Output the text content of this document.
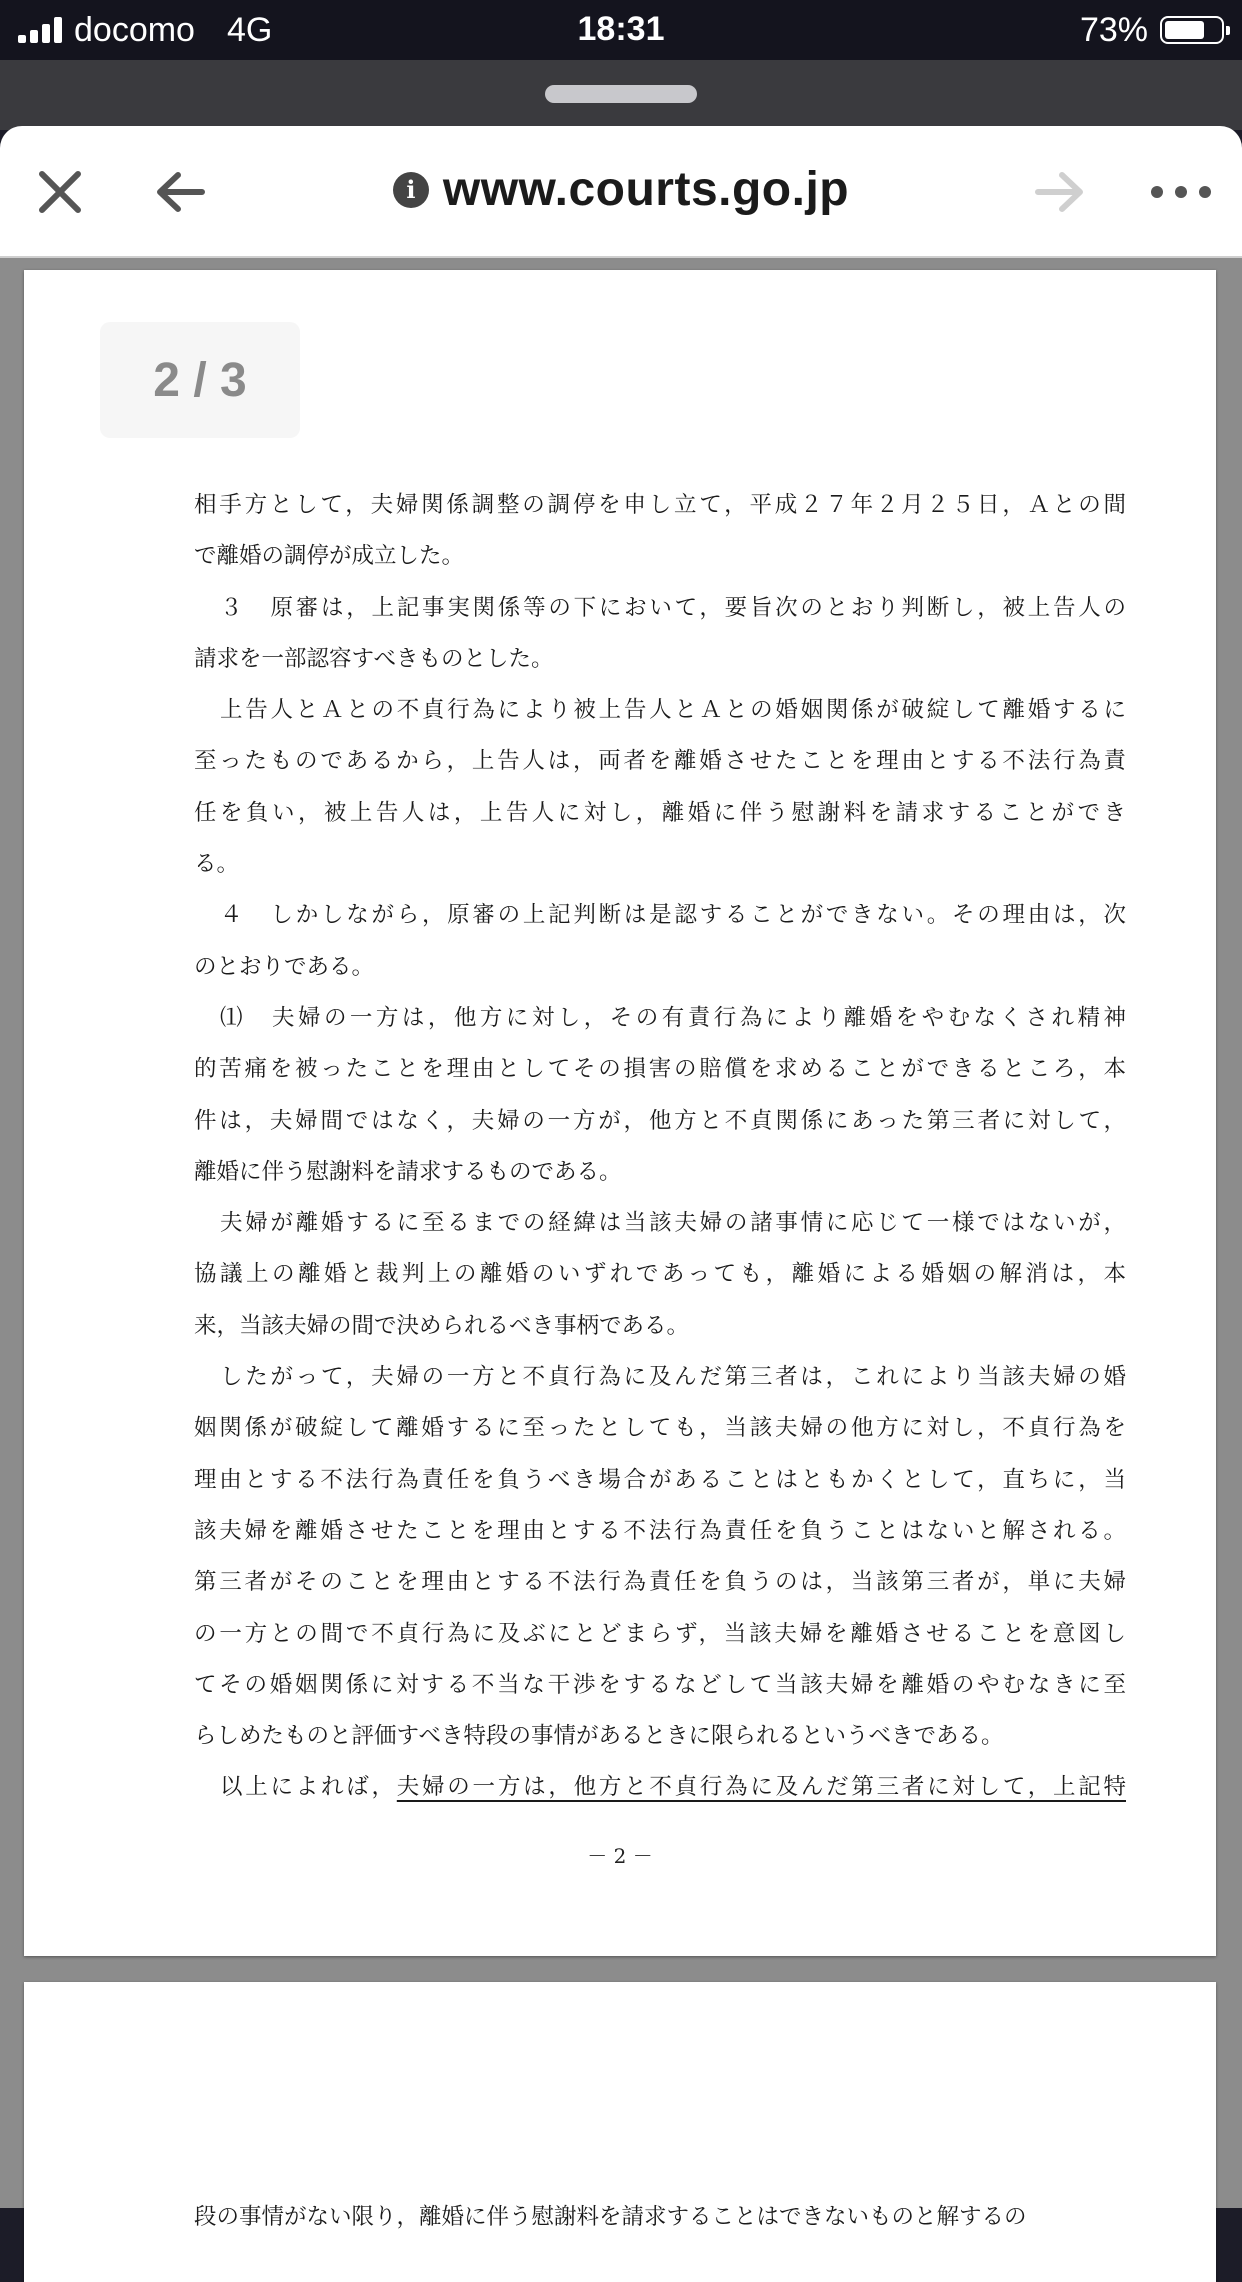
docomo 4G	18:31	73%
i www.courts.go.jp
2 / 3
相手方として，夫婦関係調整の調停を申し立て，平成２７年２月２５日，Ａとの間
で離婚の調停が成立した。
３　原審は，上記事実関係等の下において，要旨次のとおり判断し，被上告人の
請求を一部認容すべきものとした。
上告人とＡとの不貞行為により被上告人とＡとの婚姻関係が破綻して離婚するに
至ったものであるから，上告人は，両者を離婚させたことを理由とする不法行為責
任を負い，被上告人は，上告人に対し，離婚に伴う慰謝料を請求することができ
る。
４　しかしながら，原審の上記判断は是認することができない。その理由は，次
のとおりである。
⑴　夫婦の一方は，他方に対し，その有責行為により離婚をやむなくされ精神
的苦痛を被ったことを理由としてその損害の賠償を求めることができるところ，本
件は，夫婦間ではなく，夫婦の一方が，他方と不貞関係にあった第三者に対して，
離婚に伴う慰謝料を請求するものである。
夫婦が離婚するに至るまでの経緯は当該夫婦の諸事情に応じて一様ではないが，
協議上の離婚と裁判上の離婚のいずれであっても，離婚による婚姻の解消は，本
来，当該夫婦の間で決められるべき事柄である。
したがって，夫婦の一方と不貞行為に及んだ第三者は，これにより当該夫婦の婚
姻関係が破綻して離婚するに至ったとしても，当該夫婦の他方に対し，不貞行為を
理由とする不法行為責任を負うべき場合があることはともかくとして，直ちに，当
該夫婦を離婚させたことを理由とする不法行為責任を負うことはないと解される。
第三者がそのことを理由とする不法行為責任を負うのは，当該第三者が，単に夫婦
の一方との間で不貞行為に及ぶにとどまらず，当該夫婦を離婚させることを意図し
てその婚姻関係に対する不当な干渉をするなどして当該夫婦を離婚のやむなきに至
らしめたものと評価すべき特段の事情があるときに限られるというべきである。
以上によれば，夫婦の一方は，他方と不貞行為に及んだ第三者に対して，上記特
－ 2 －
段の事情がない限り，離婚に伴う慰謝料を請求することはできないものと解するの
